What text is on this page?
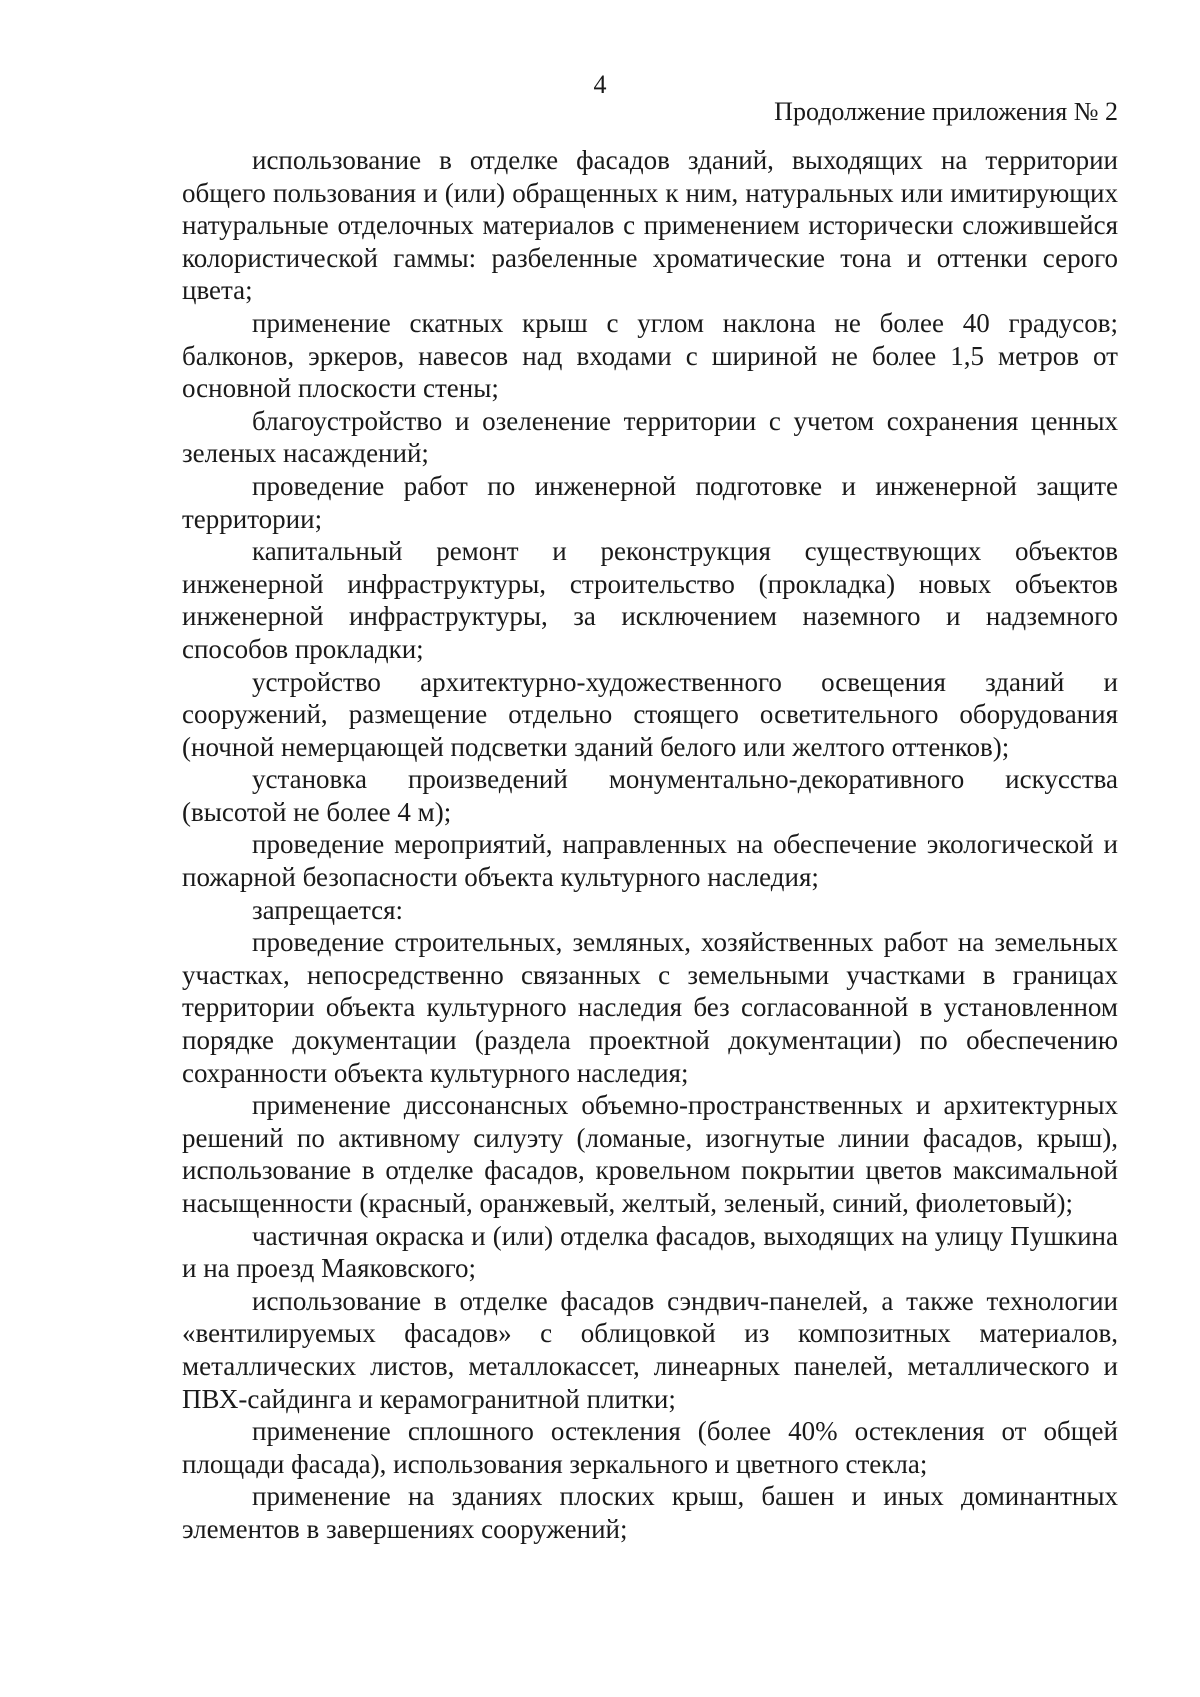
4
Продолжение приложения № 2

использование в отделке фасадов зданий, выходящих на территории общего пользования и (или) обращенных к ним, натуральных или имитирующих натуральные отделочных материалов с применением исторически сложившейся колористической гаммы: разбеленные хроматические тона и оттенки серого цвета;

применение скатных крыш с углом наклона не более 40 градусов; балконов, эркеров, навесов над входами с шириной не более 1,5 метров от основной плоскости стены;

благоустройство и озеленение территории с учетом сохранения ценных зеленых насаждений;

проведение работ по инженерной подготовке и инженерной защите территории;

капитальный ремонт и реконструкция существующих объектов инженерной инфраструктуры, строительство (прокладка) новых объектов инженерной инфраструктуры, за исключением наземного и надземного способов прокладки;

устройство архитектурно-художественного освещения зданий и сооружений, размещение отдельно стоящего осветительного оборудования (ночной немерцающей подсветки зданий белого или желтого оттенков);

установка произведений монументально-декоративного искусства (высотой не более 4 м);

проведение мероприятий, направленных на обеспечение экологической и пожарной безопасности объекта культурного наследия;

запрещается:

проведение строительных, земляных, хозяйственных работ на земельных участках, непосредственно связанных с земельными участками в границах территории объекта культурного наследия без согласованной в установленном порядке документации (раздела проектной документации) по обеспечению сохранности объекта культурного наследия;

применение диссонансных объемно-пространственных и архитектурных решений по активному силуэту (ломаные, изогнутые линии фасадов, крыш), использование в отделке фасадов, кровельном покрытии цветов максимальной насыщенности (красный, оранжевый, желтый, зеленый, синий, фиолетовый);

частичная окраска и (или) отделка фасадов, выходящих на улицу Пушкина и на проезд Маяковского;

использование в отделке фасадов сэндвич-панелей, а также технологии «вентилируемых фасадов» с облицовкой из композитных материалов, металлических листов, металлокассет, линеарных панелей, металлического и ПВХ-сайдинга и керамогранитной плитки;

применение сплошного остекления (более 40% остекления от общей площади фасада), использования зеркального и цветного стекла;

применение на зданиях плоских крыш, башен и иных доминантных элементов в завершениях сооружений;
